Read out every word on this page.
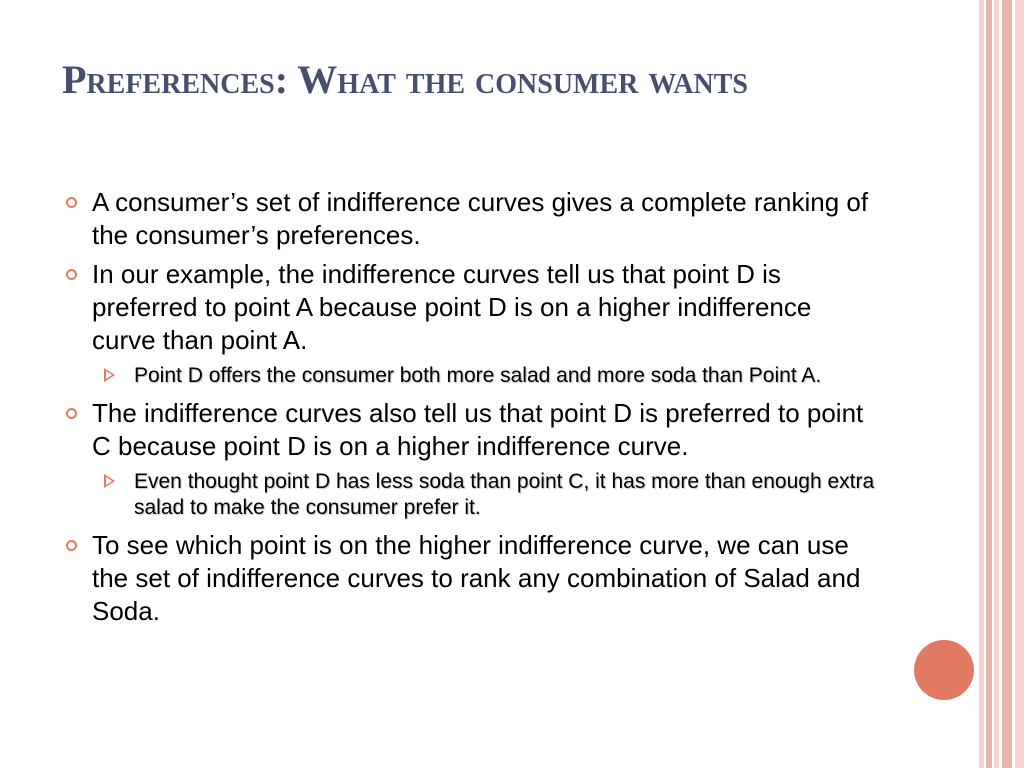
Preferences: What the consumer wants
A consumer’s set of indifference curves gives a complete ranking of the consumer’s preferences.
In our example, the indifference curves tell us that point D is preferred to point A because point D is on a higher indifference curve than point A.
Point D offers the consumer both more salad and more soda than Point A.
The indifference curves also tell us that point D is preferred to point C because point D is on a higher indifference curve.
Even thought point D has less soda than point C, it has more than enough extra salad to make the consumer prefer it.
To see which point is on the higher indifference curve, we can use the set of indifference curves to rank any combination of Salad and Soda.
